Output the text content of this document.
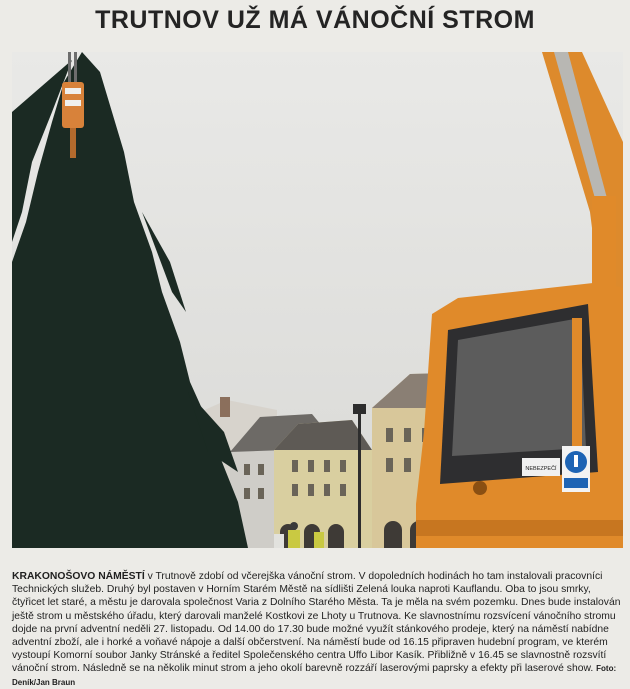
TRUTNOV UŽ MÁ VÁNOČNÍ STROM
NEBEZPEČÍ
KRAKONOŠOVO NÁMĚSTÍ v Trutnově zdobí od včerejška vánoční strom. V dopoledních hodinách ho tam instalovali pracovníci Technických služeb. Druhý byl postaven v Horním Starém Městě na sídlišti Zelená louka naproti Kauflandu. Oba to jsou smrky, čtyřicet let staré, a městu je darovala společnost Varia z Dolního Starého Města. Ta je měla na svém pozemku. Dnes bude instalován ještě strom u městského úřadu, který darovali manželé Kostkovi ze Lhoty u Trutnova. Ke slavnostnímu rozsvícení vánočního stromu dojde na první adventní neděli 27. listopadu. Od 14.00 do 17.30 bude možné využít stánkového prodeje, který na náměstí nabídne adventní zboží, ale i horké a voňavé nápoje a další občerstvení. Na náměstí bude od 16.15 připraven hudební program, ve kterém vystoupí Komorní soubor Janky Stránské a ředitel Společenského centra Uffo Libor Kasík. Přibližně v 16.45 se slavnostně rozsvítí vánoční strom. Následně se na několik minut strom a jeho okolí barevně rozzáří laserovými paprsky a efekty při laserové show. Foto: Deník/Jan Braun
